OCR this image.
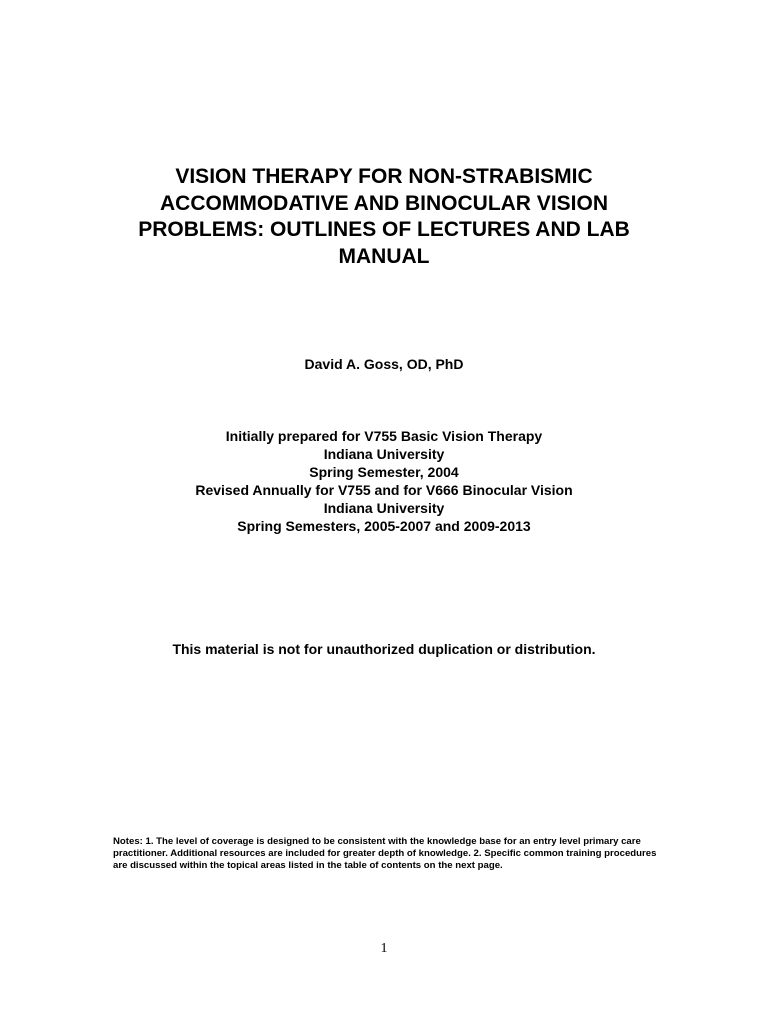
VISION THERAPY FOR NON-STRABISMIC
ACCOMMODATIVE AND BINOCULAR VISION
PROBLEMS: OUTLINES OF LECTURES AND LAB
MANUAL
David A. Goss, OD, PhD
Initially prepared for V755 Basic Vision Therapy
Indiana University
Spring Semester, 2004
Revised Annually for V755 and for V666 Binocular Vision
Indiana University
Spring Semesters, 2005-2007 and 2009-2013
This material is not for unauthorized duplication or distribution.
Notes: 1. The level of coverage is designed to be consistent with the knowledge base for an entry level primary care practitioner. Additional resources are included for greater depth of knowledge. 2. Specific common training procedures are discussed within the topical areas listed in the table of contents on the next page.
1
